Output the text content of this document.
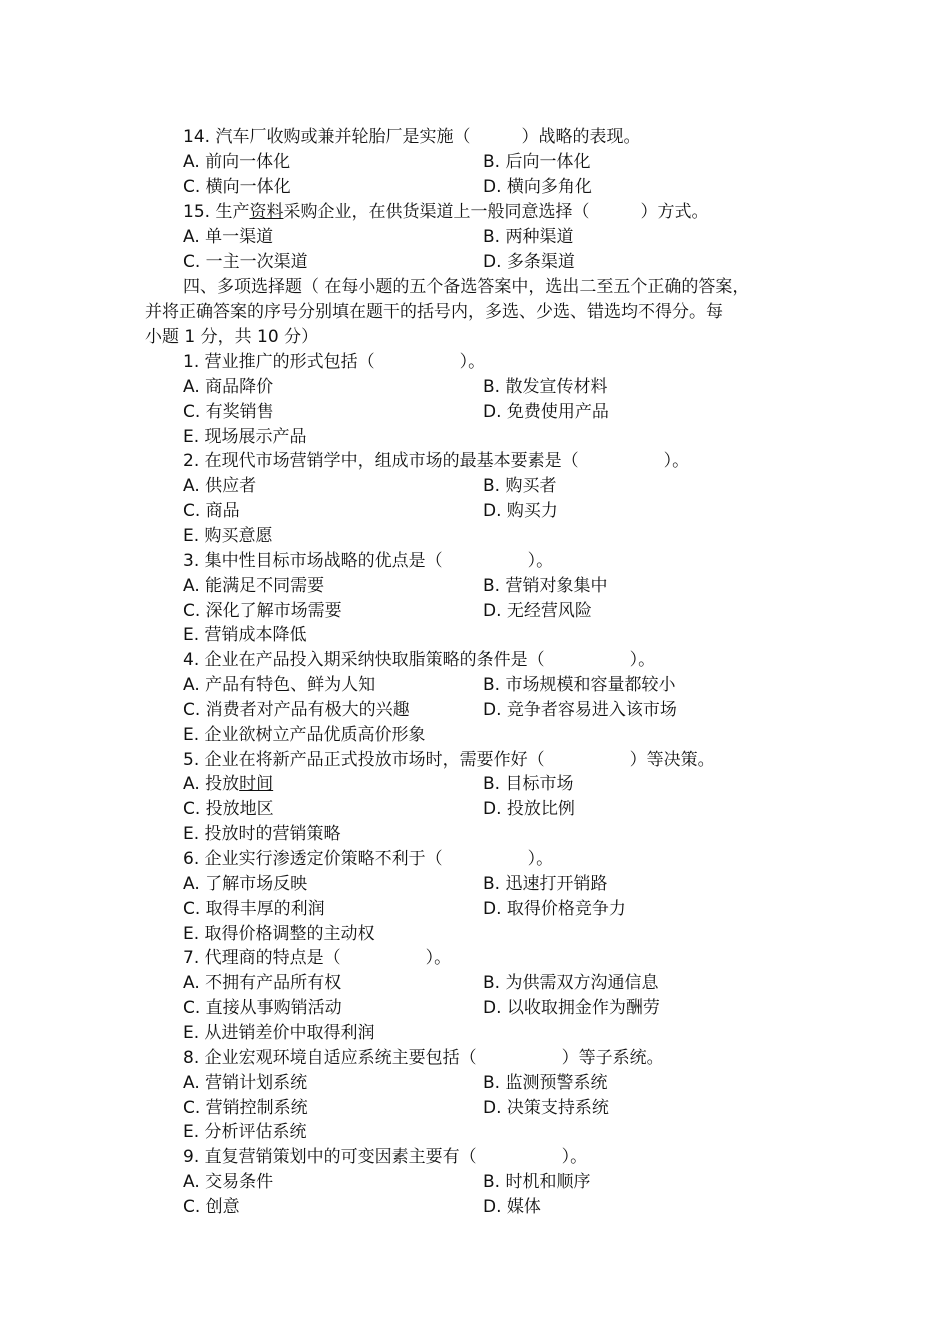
14. 汽车厂收购或兼并轮胎厂是实施（　　　）战略的表现。

A. 前向一体化

	B. 后向一体化

C. 横向一体化

	D. 横向多角化

15. 生产资料采购企业，在供货渠道上一般同意选择（　　　）方式。

A. 单一渠道

	B. 两种渠道

C. 一主一次渠道

	D. 多条渠道

四、多项选择题（ 在每小题的五个备选答案中，选出二至五个正确的答案，
并将正确答案的序号分别填在题干的括号内，多选、少选、错选均不得分。每
小题 1 分，共 10 分）
1. 营业推广的形式包括（　　　　　）。
A. 商品降价	B. 散发宣传材料
C. 有奖销售	D. 免费使用产品
E. 现场展示产品
2. 在现代市场营销学中，组成市场的最基本要素是（　　　　　）。
A. 供应者	B. 购买者
C. 商品	D. 购买力
E. 购买意愿
3. 集中性目标市场战略的优点是（　　　　　）。
A. 能满足不同需要	B. 营销对象集中
C. 深化了解市场需要	D. 无经营风险
E. 营销成本降低
4. 企业在产品投入期采纳快取脂策略的条件是（　　　　　）。
A. 产品有特色、鲜为人知	B. 市场规模和容量都较小
C. 消费者对产品有极大的兴趣	D. 竞争者容易进入该市场
E. 企业欲树立产品优质高价形象
5. 企业在将新产品正式投放市场时，需要作好（　　　　　）等决策。
A. 投放时间	B. 目标市场
C. 投放地区	D. 投放比例
E. 投放时的营销策略
6. 企业实行渗透定价策略不利于（　　　　　）。
A. 了解市场反映	B. 迅速打开销路
C. 取得丰厚的利润	D. 取得价格竞争力
E. 取得价格调整的主动权
7. 代理商的特点是（　　　　　）。
A. 不拥有产品所有权	B. 为供需双方沟通信息
C. 直接从事购销活动	D. 以收取拥金作为酬劳
E. 从进销差价中取得利润
8. 企业宏观环境自适应系统主要包括（　　　　　）等子系统。
A. 营销计划系统	B. 监测预警系统
C. 营销控制系统	D. 决策支持系统
E. 分析评估系统
9. 直复营销策划中的可变因素主要有（　　　　　）。
A. 交易条件	B. 时机和顺序
C. 创意	D. 媒体
